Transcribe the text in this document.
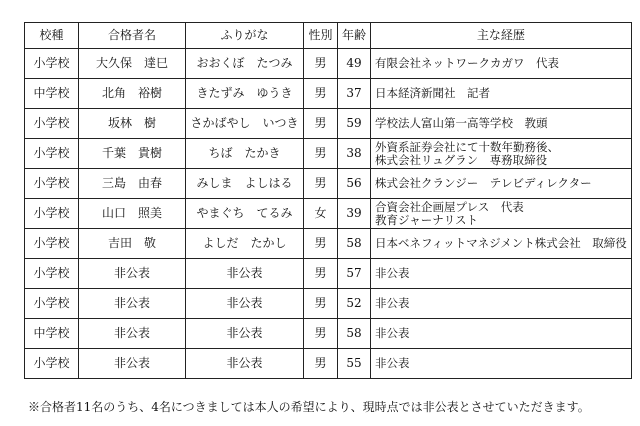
校種	合格者名	ふりがな	性別	年齢	主な経歴
小学校	大久保　達巳	おおくぼ　たつみ	男	49	有限会社ネットワークカガワ　代表

中学校	北角　裕樹	きたずみ　ゆうき	男	37	日本経済新聞社　記者

小学校	坂林　樹	さかばやし　いつき	男	59	学校法人富山第一高等学校　教頭

小学校	千葉　貴樹	ちば　たかき	男	38	外資系証券会社にて十数年勤務後、
株式会社リュグラン　専務取締役

小学校	三島　由春	みしま　よしはる	男	56	株式会社クランジー　テレビディレクター

小学校	山口　照美	やまぐち　てるみ	女	39	合資会社企画屋プレス　代表
教育ジャーナリスト

小学校	吉田　敬	よしだ　たかし	男	58	日本ベネフィットマネジメント株式会社　取締役

小学校	非公表	非公表	男	57	非公表

小学校	非公表	非公表	男	52	非公表

中学校	非公表	非公表	男	58	非公表

小学校	非公表	非公表	男	55	非公表
※合格者11名のうち、4名につきましては本人の希望により、現時点では非公表とさせていただきます。
